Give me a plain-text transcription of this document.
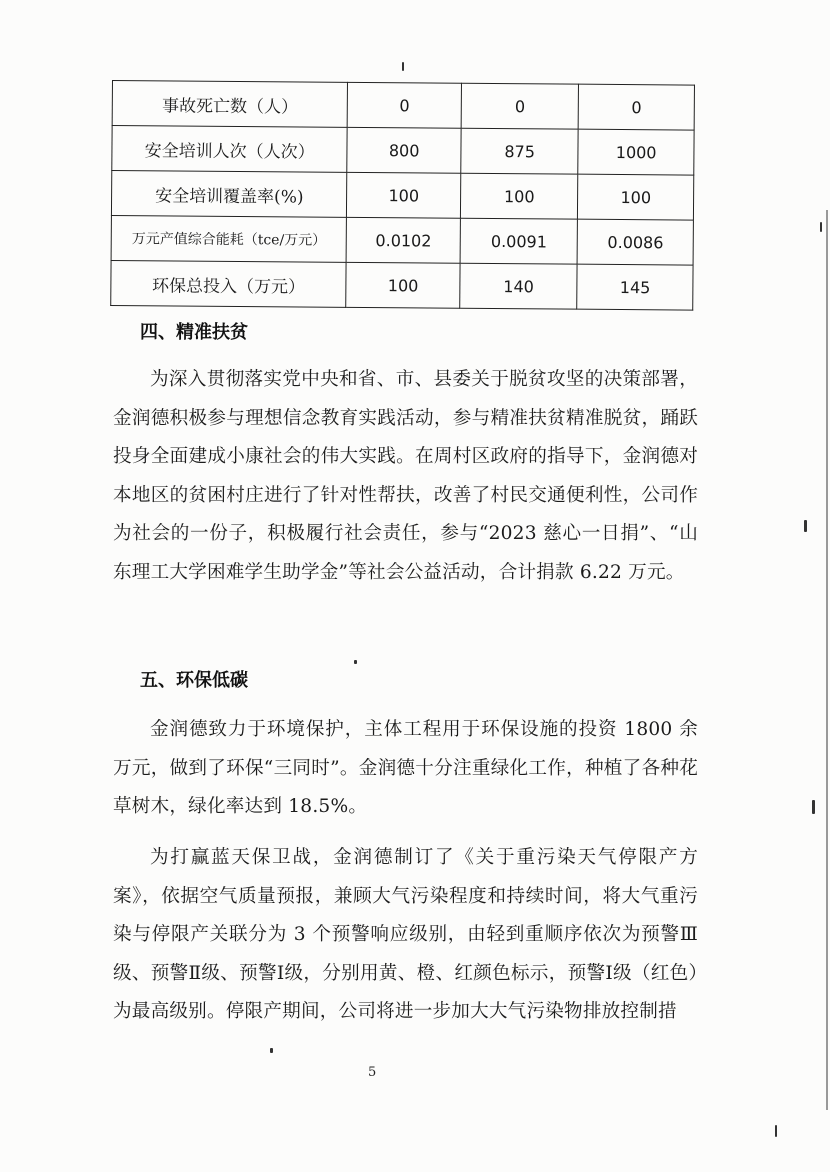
事故死亡数（人）	0	0	0
安全培训人次（人次）	800	875	1000
安全培训覆盖率(%)	100	100	100
万元产值综合能耗（tce/万元）	0.0102	0.0091	0.0086
环保总投入（万元）	100	140	145
四、精准扶贫
为深入贯彻落实党中央和省、市、县委关于脱贫攻坚的决策部署，金润德积极参与理想信念教育实践活动，参与精准扶贫精准脱贫，踊跃投身全面建成小康社会的伟大实践。在周村区政府的指导下，金润德对本地区的贫困村庄进行了针对性帮扶，改善了村民交通便利性，公司作为社会的一份子，积极履行社会责任，参与“2023 慈心一日捐”、“山东理工大学困难学生助学金”等社会公益活动，合计捐款 6.22 万元。
五、环保低碳
金润德致力于环境保护，主体工程用于环保设施的投资 1800 余万元，做到了环保“三同时”。金润德十分注重绿化工作，种植了各种花草树木，绿化率达到 18.5%。
为打赢蓝天保卫战，金润德制订了《关于重污染天气停限产方案》，依据空气质量预报，兼顾大气污染程度和持续时间，将大气重污染与停限产关联分为 3 个预警响应级别，由轻到重顺序依次为预警Ⅲ级、预警Ⅱ级、预警Ⅰ级，分别用黄、橙、红颜色标示，预警Ⅰ级（红色）为最高级别。停限产期间，公司将进一步加大大气污染物排放控制措
5
